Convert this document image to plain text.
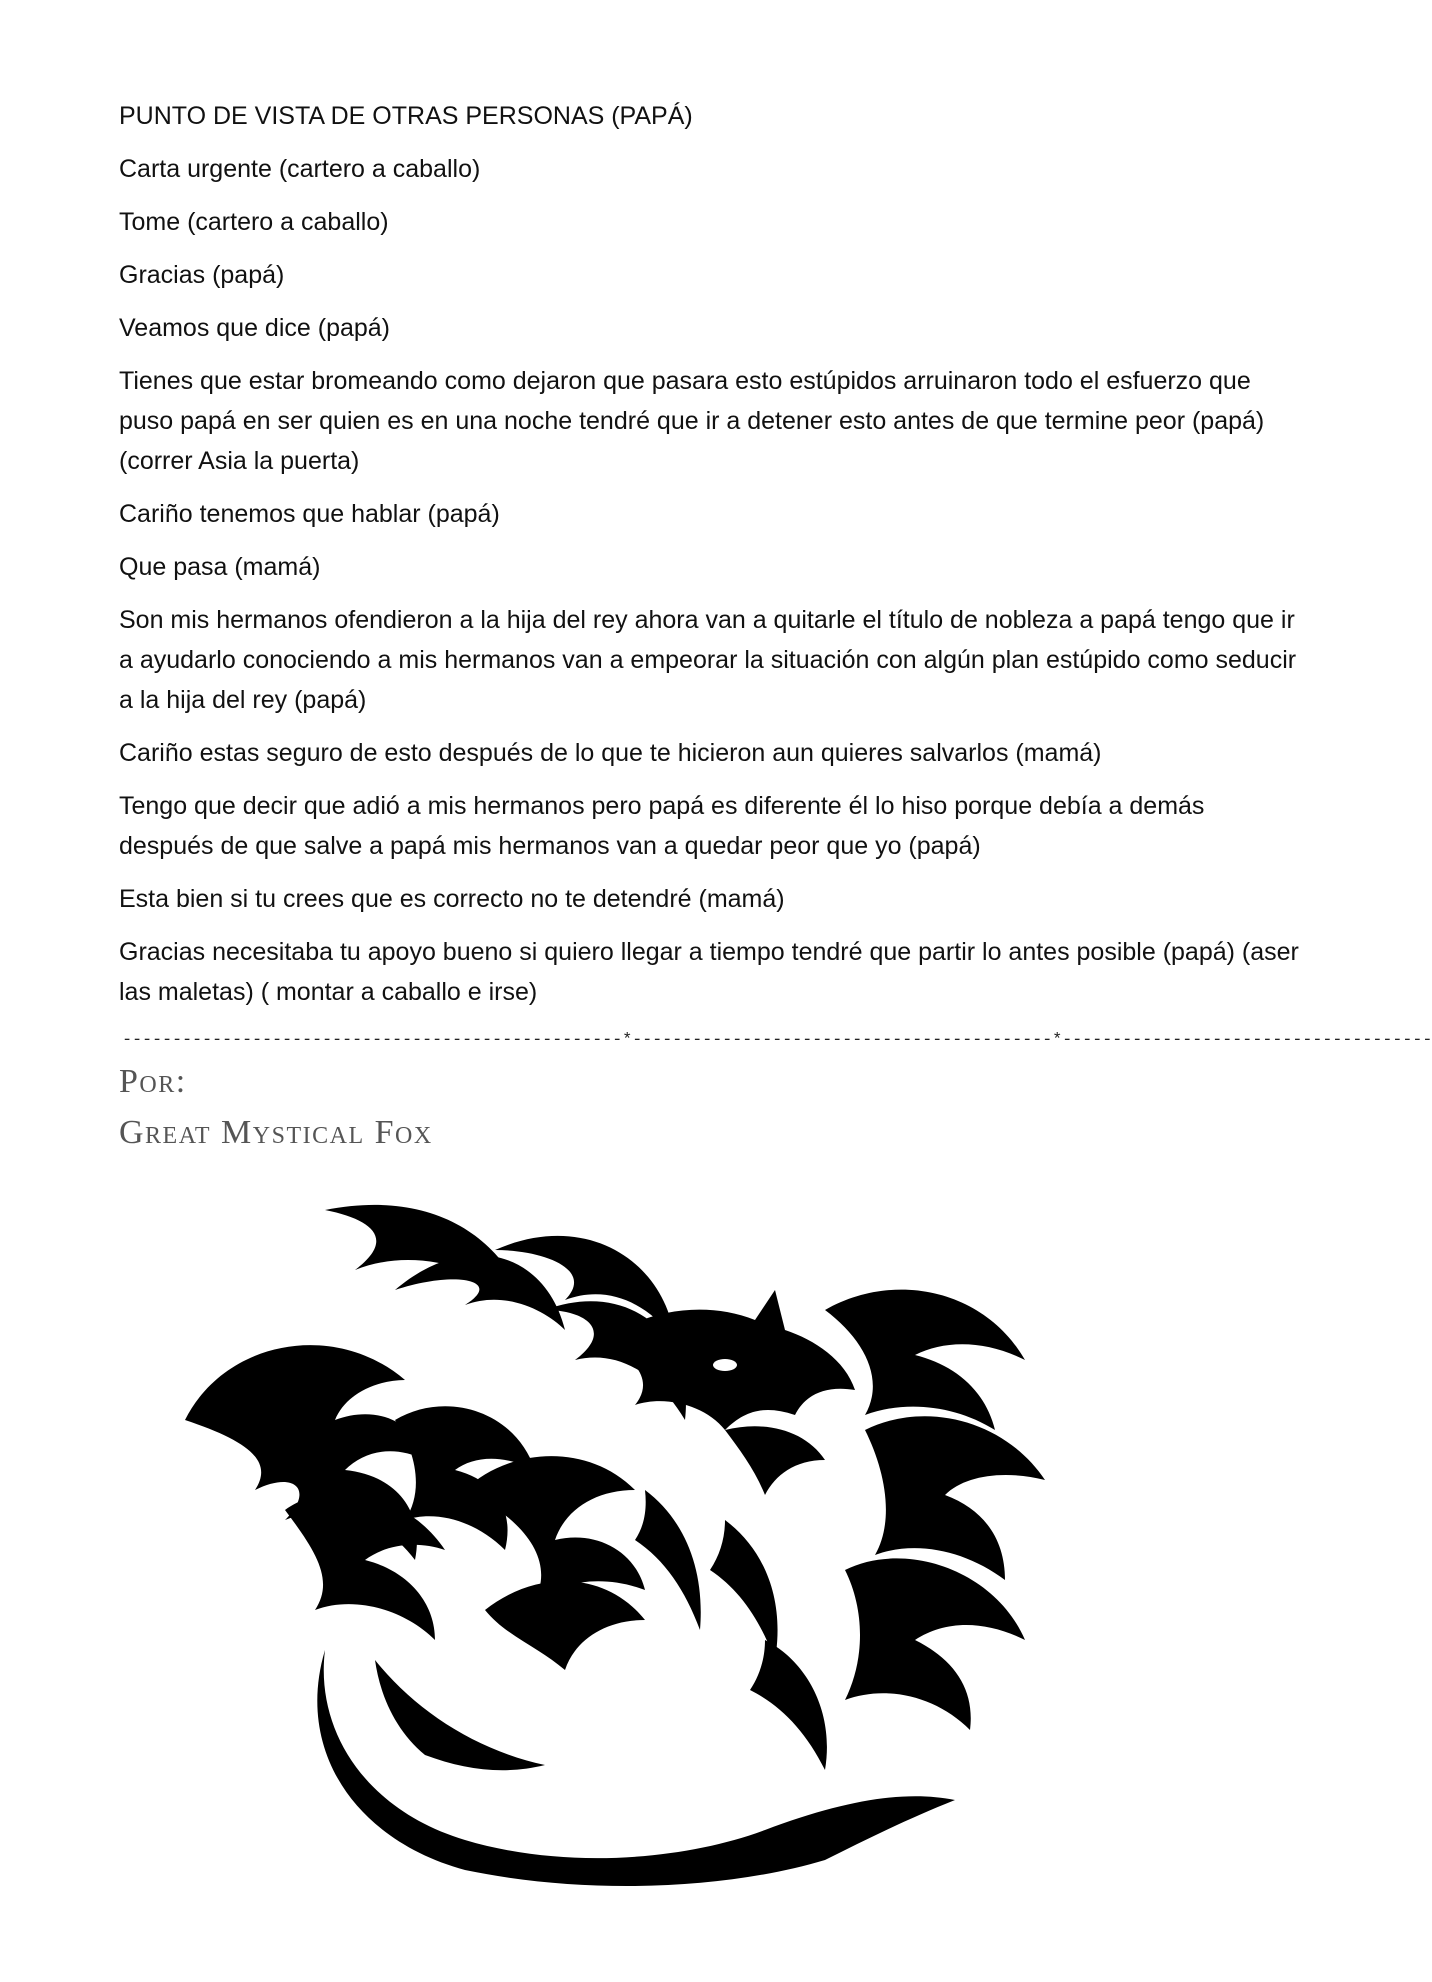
PUNTO DE VISTA DE OTRAS PERSONAS (PAPÁ)

Carta urgente (cartero a caballo)

Tome (cartero a caballo)

Gracias (papá)

Veamos que dice (papá)

Tienes que estar bromeando como dejaron que pasara esto estúpidos arruinaron todo el esfuerzo que puso papá en ser quien es en una noche tendré que ir a detener esto antes de que termine peor (papá) (correr Asia la puerta)

Cariño tenemos que hablar (papá)

Que pasa (mamá)

Son mis hermanos ofendieron a la hija del rey ahora van a quitarle el título de nobleza a papá tengo que ir a ayudarlo conociendo a mis hermanos van a empeorar la situación con algún plan estúpido como seducir a la hija del rey (papá)

Cariño estas seguro de esto después de lo que te hicieron aun quieres salvarlos (mamá)

Tengo que decir que adió a mis hermanos pero papá es diferente él lo hiso porque debía a demás después de que salve a papá mis hermanos van a quedar peor que yo (papá)

Esta bien si tu crees que es correcto no te detendré (mamá)

Gracias necesitaba tu apoyo bueno si quiero llegar a tiempo tendré que partir lo antes posible (papá) (aser las maletas) ( montar a caballo e irse)

--------------------------------------------------*------------------------------------------*-------------------------------------
Por:
Great Mystical Fox
